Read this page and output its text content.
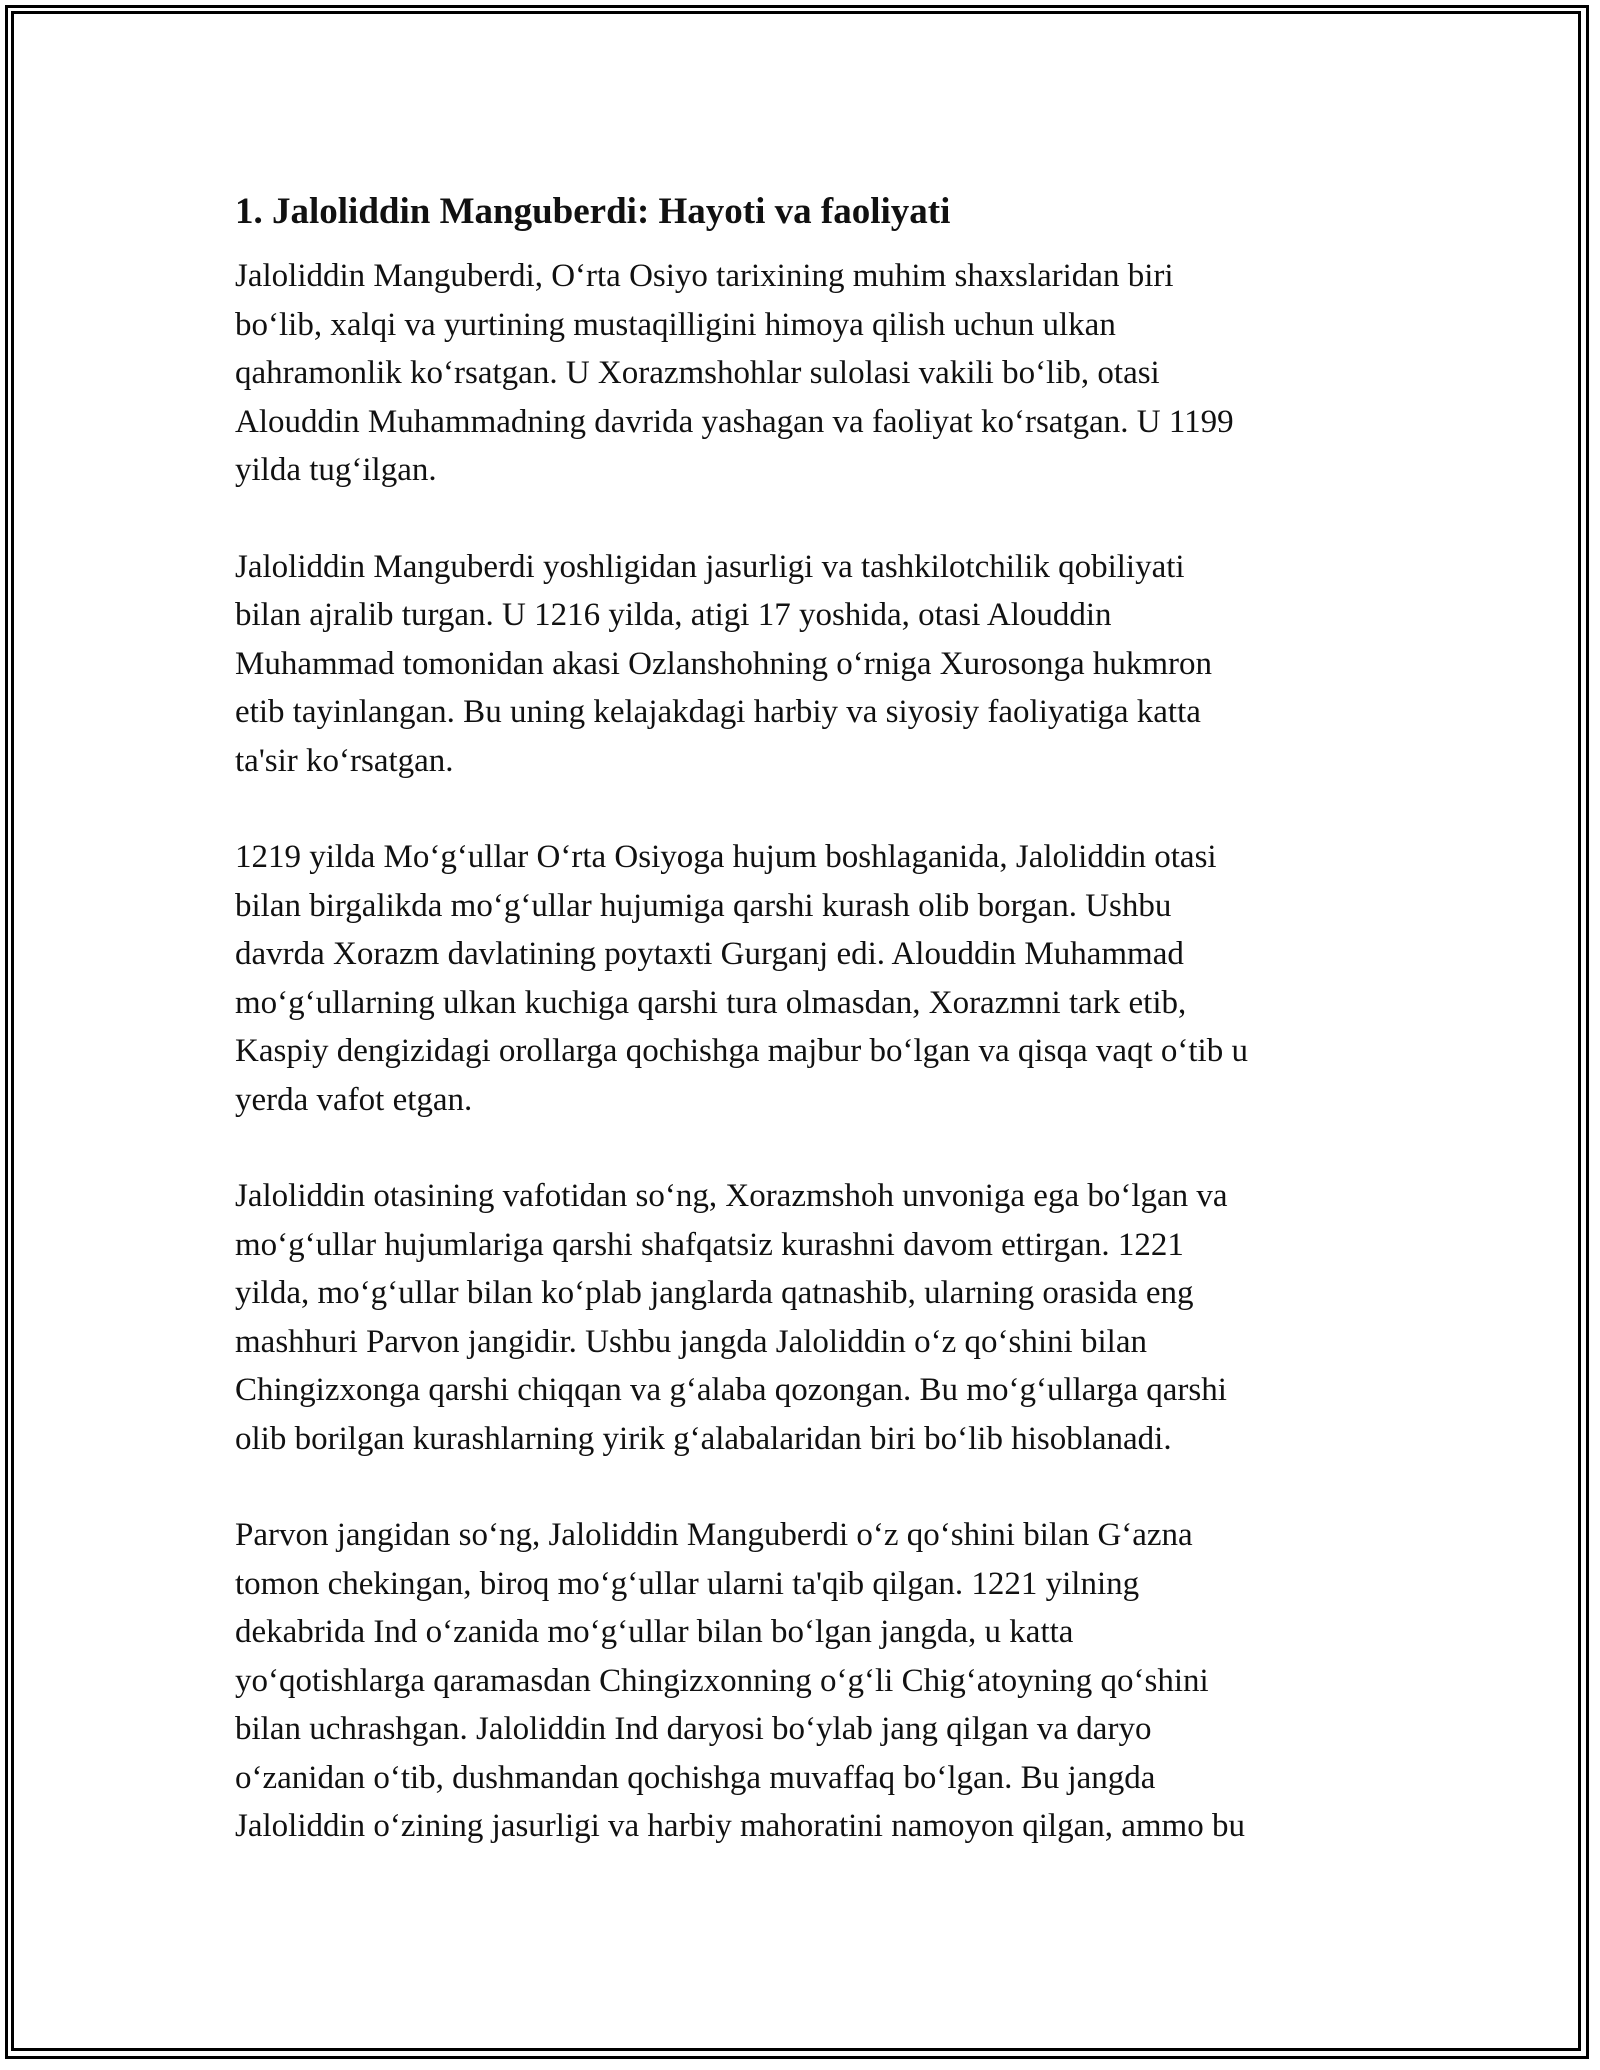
1. Jaloliddin Manguberdi: Hayoti va faoliyati

Jaloliddin Manguberdi, O‘rta Osiyo tarixining muhim shaxslaridan biri
bo‘lib, xalqi va yurtining mustaqilligini himoya qilish uchun ulkan
qahramonlik ko‘rsatgan. U Xorazmshohlar sulolasi vakili bo‘lib, otasi
Alouddin Muhammadning davrida yashagan va faoliyat ko‘rsatgan. U 1199
yilda tug‘ilgan.

Jaloliddin Manguberdi yoshligidan jasurligi va tashkilotchilik qobiliyati
bilan ajralib turgan. U 1216 yilda, atigi 17 yoshida, otasi Alouddin
Muhammad tomonidan akasi Ozlanshohning o‘rniga Xurosonga hukmron
etib tayinlangan. Bu uning kelajakdagi harbiy va siyosiy faoliyatiga katta
ta'sir ko‘rsatgan.

1219 yilda Mo‘g‘ullar O‘rta Osiyoga hujum boshlaganida, Jaloliddin otasi
bilan birgalikda mo‘g‘ullar hujumiga qarshi kurash olib borgan. Ushbu
davrda Xorazm davlatining poytaxti Gurganj edi. Alouddin Muhammad
mo‘g‘ullarning ulkan kuchiga qarshi tura olmasdan, Xorazmni tark etib,
Kaspiy dengizidagi orollarga qochishga majbur bo‘lgan va qisqa vaqt o‘tib u
yerda vafot etgan.

Jaloliddin otasining vafotidan so‘ng, Xorazmshoh unvoniga ega bo‘lgan va
mo‘g‘ullar hujumlariga qarshi shafqatsiz kurashni davom ettirgan. 1221
yilda, mo‘g‘ullar bilan ko‘plab janglarda qatnashib, ularning orasida eng
mashhuri Parvon jangidir. Ushbu jangda Jaloliddin o‘z qo‘shini bilan
Chingizxonga qarshi chiqqan va g‘alaba qozongan. Bu mo‘g‘ullarga qarshi
olib borilgan kurashlarning yirik g‘alabalaridan biri bo‘lib hisoblanadi.

Parvon jangidan so‘ng, Jaloliddin Manguberdi o‘z qo‘shini bilan G‘azna
tomon chekingan, biroq mo‘g‘ullar ularni ta'qib qilgan. 1221 yilning
dekabrida Ind o‘zanida mo‘g‘ullar bilan bo‘lgan jangda, u katta
yo‘qotishlarga qaramasdan Chingizxonning o‘g‘li Chig‘atoyning qo‘shini
bilan uchrashgan. Jaloliddin Ind daryosi bo‘ylab jang qilgan va daryo
o‘zanidan o‘tib, dushmandan qochishga muvaffaq bo‘lgan. Bu jangda
Jaloliddin o‘zining jasurligi va harbiy mahoratini namoyon qilgan, ammo bu
